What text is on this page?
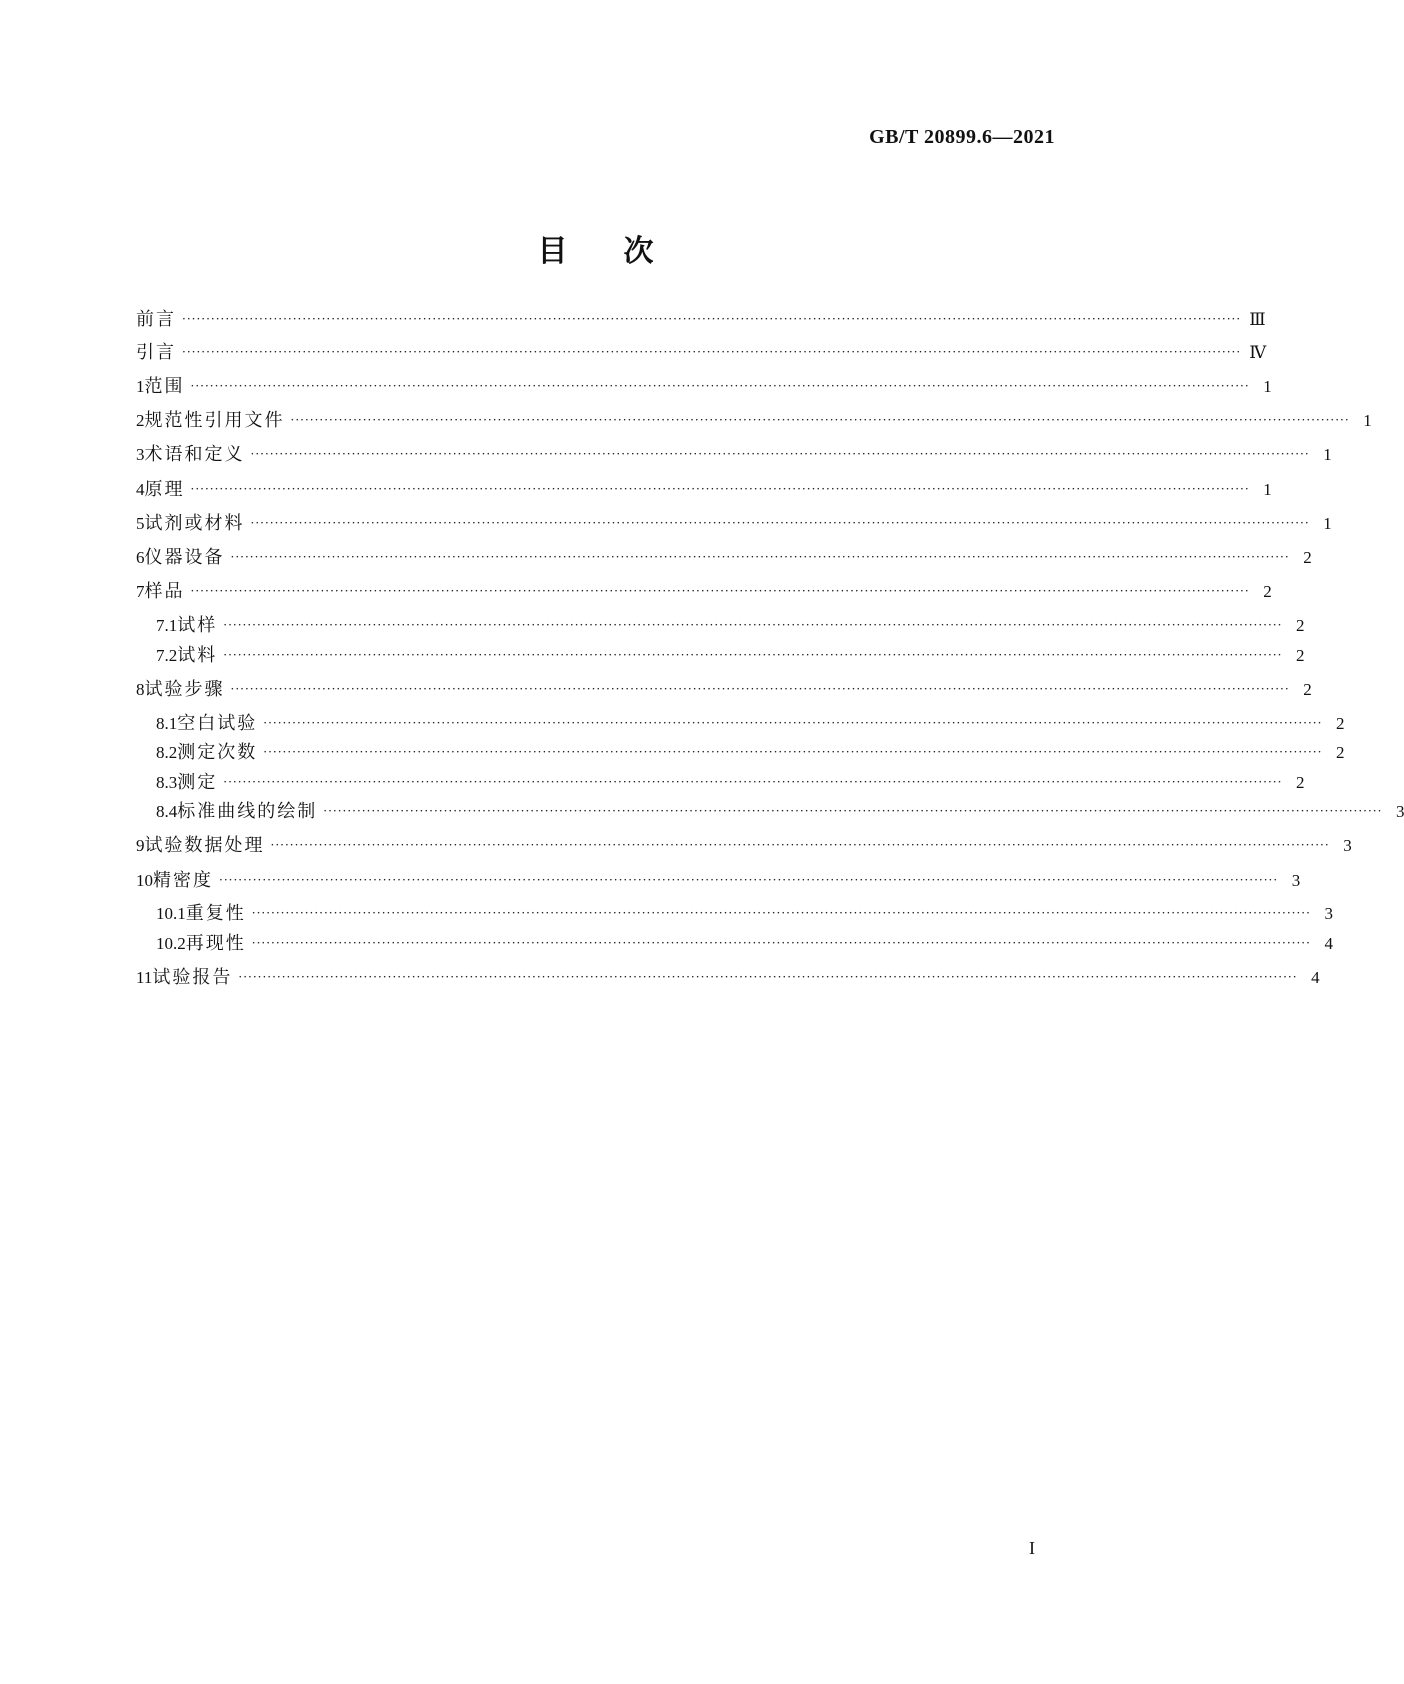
GB/T 20899.6—2021
目 次
前言 ···························································································································································································································· Ⅲ
引言 ···························································································································································································································· Ⅳ
1 范围 ···························································································································································································································· 1
2 规范性引用文件 ···························································································································································································································· 1
3 术语和定义 ···························································································································································································································· 1
4 原理 ···························································································································································································································· 1
5 试剂或材料 ···························································································································································································································· 1
6 仪器设备 ···························································································································································································································· 2
7 样品 ···························································································································································································································· 2
7.1 试样 ···························································································································································································································· 2
7.2 试料 ···························································································································································································································· 2
8 试验步骤 ···························································································································································································································· 2
8.1 空白试验 ···························································································································································································································· 2
8.2 测定次数 ···························································································································································································································· 2
8.3 测定 ···························································································································································································································· 2
8.4 标准曲线的绘制 ···························································································································································································································· 3
9 试验数据处理 ···························································································································································································································· 3
10 精密度 ···························································································································································································································· 3
10.1 重复性 ···························································································································································································································· 3
10.2 再现性 ···························································································································································································································· 4
11 试验报告 ···························································································································································································································· 4
I
